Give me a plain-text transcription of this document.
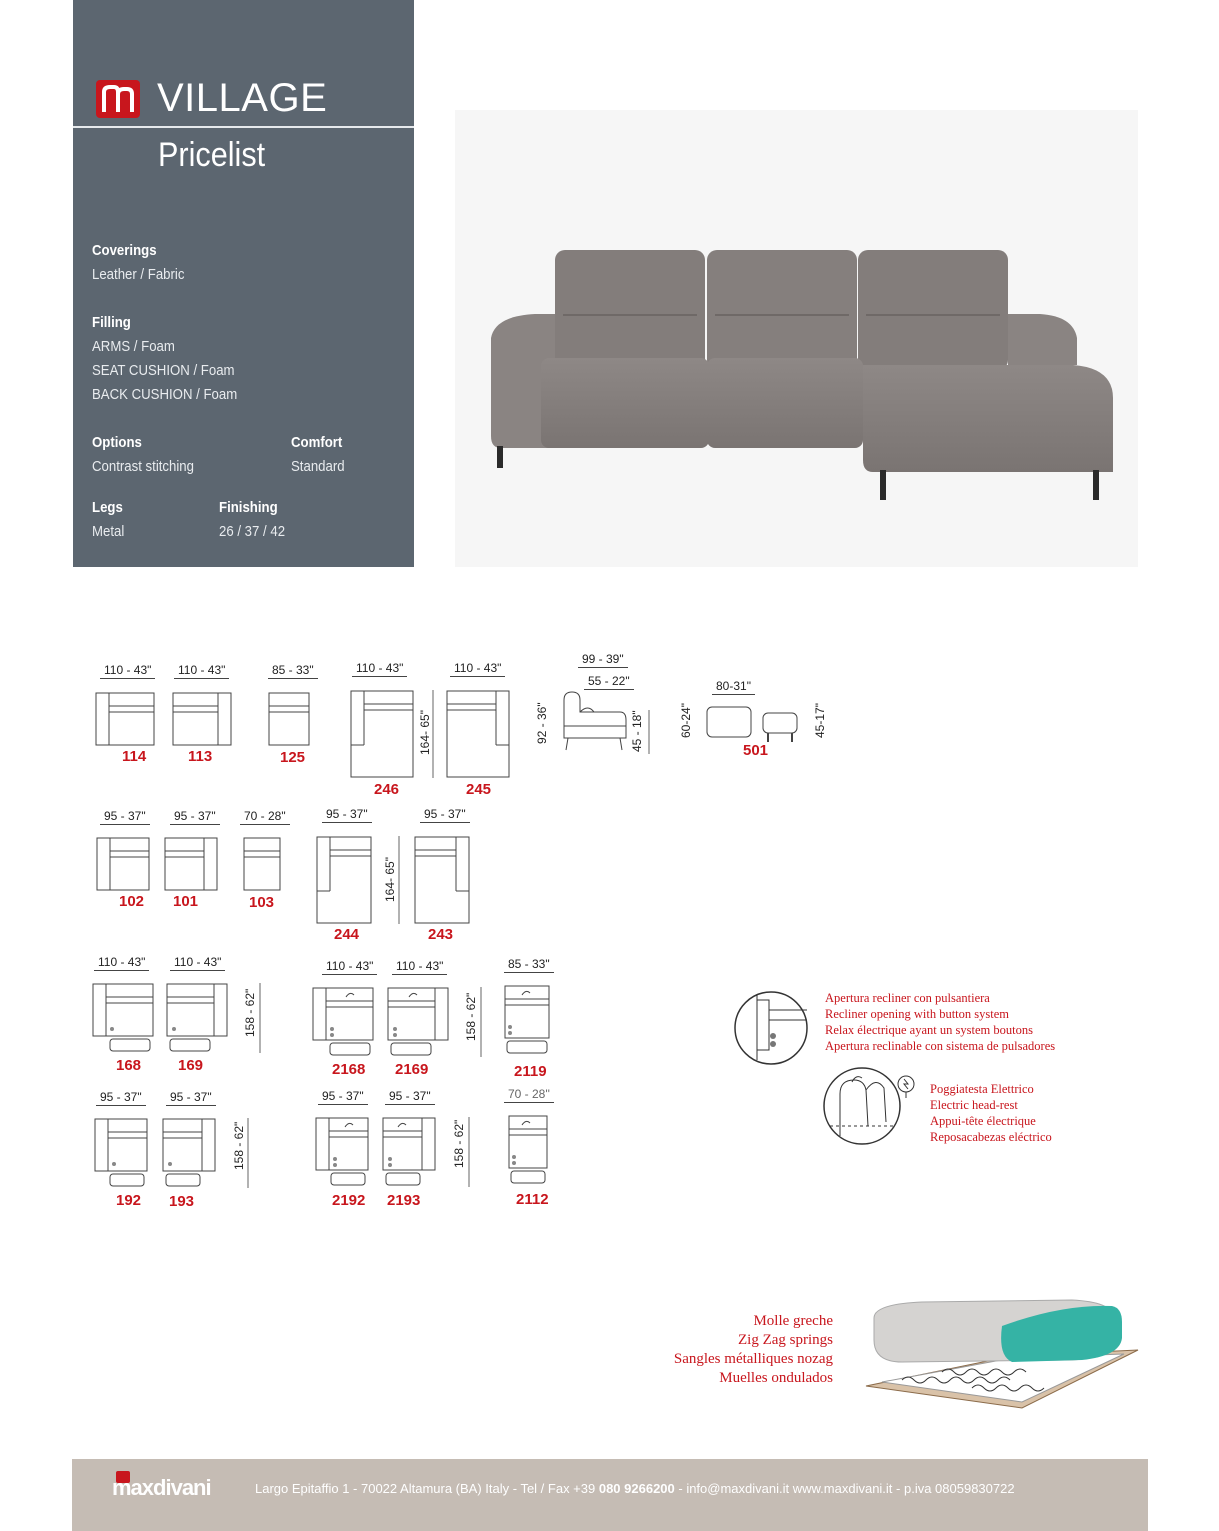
VILLAGE
Pricelist
Coverings
Leather / Fabric
Filling
ARMS / Foam
SEAT CUSHION / Foam
BACK CUSHION / Foam
Options
Contrast stitching
Comfort
Standard
Legs
Metal
Finishing
26 / 37 / 42
110 - 43"	110 - 43"	85 - 33"	110 - 43"	110 - 43"
164- 65"
114	113	125
246	245
99 - 39"
55 - 22"
92 - 36"	45 - 18"
80-31"
60-24"	45-17"
501
95 - 37"	95 - 37"	70 - 28"	95 - 37"	95 - 37"
164- 65"
102 101	103
244	243
110 - 43"	110 - 43"	110 - 43"	110 - 43"	85 - 33"
158 - 62"	158 - 62"
168 169	2168 2169	2119
95 - 37"	95 - 37"	95 - 37"	95 - 37"	70 - 28''
158 - 62"	158 - 62"
192 193	2192 2193	2112
Apertura recliner con pulsantiera
Recliner opening with button system
Relax électrique ayant un system boutons
Apertura reclinable con sistema de pulsadores
Poggiatesta Elettrico
Electric head-rest
Appui-tête électrique
Reposacabezas eléctrico
Molle greche
Zig Zag springs
Sangles métalliques nozag
Muelles ondulados
maxdivani	Largo Epitaffio 1 - 70022 Altamura (BA) Italy - Tel / Fax +39 080 9266200 - info@maxdivani.it www.maxdivani.it - p.iva 08059830722
